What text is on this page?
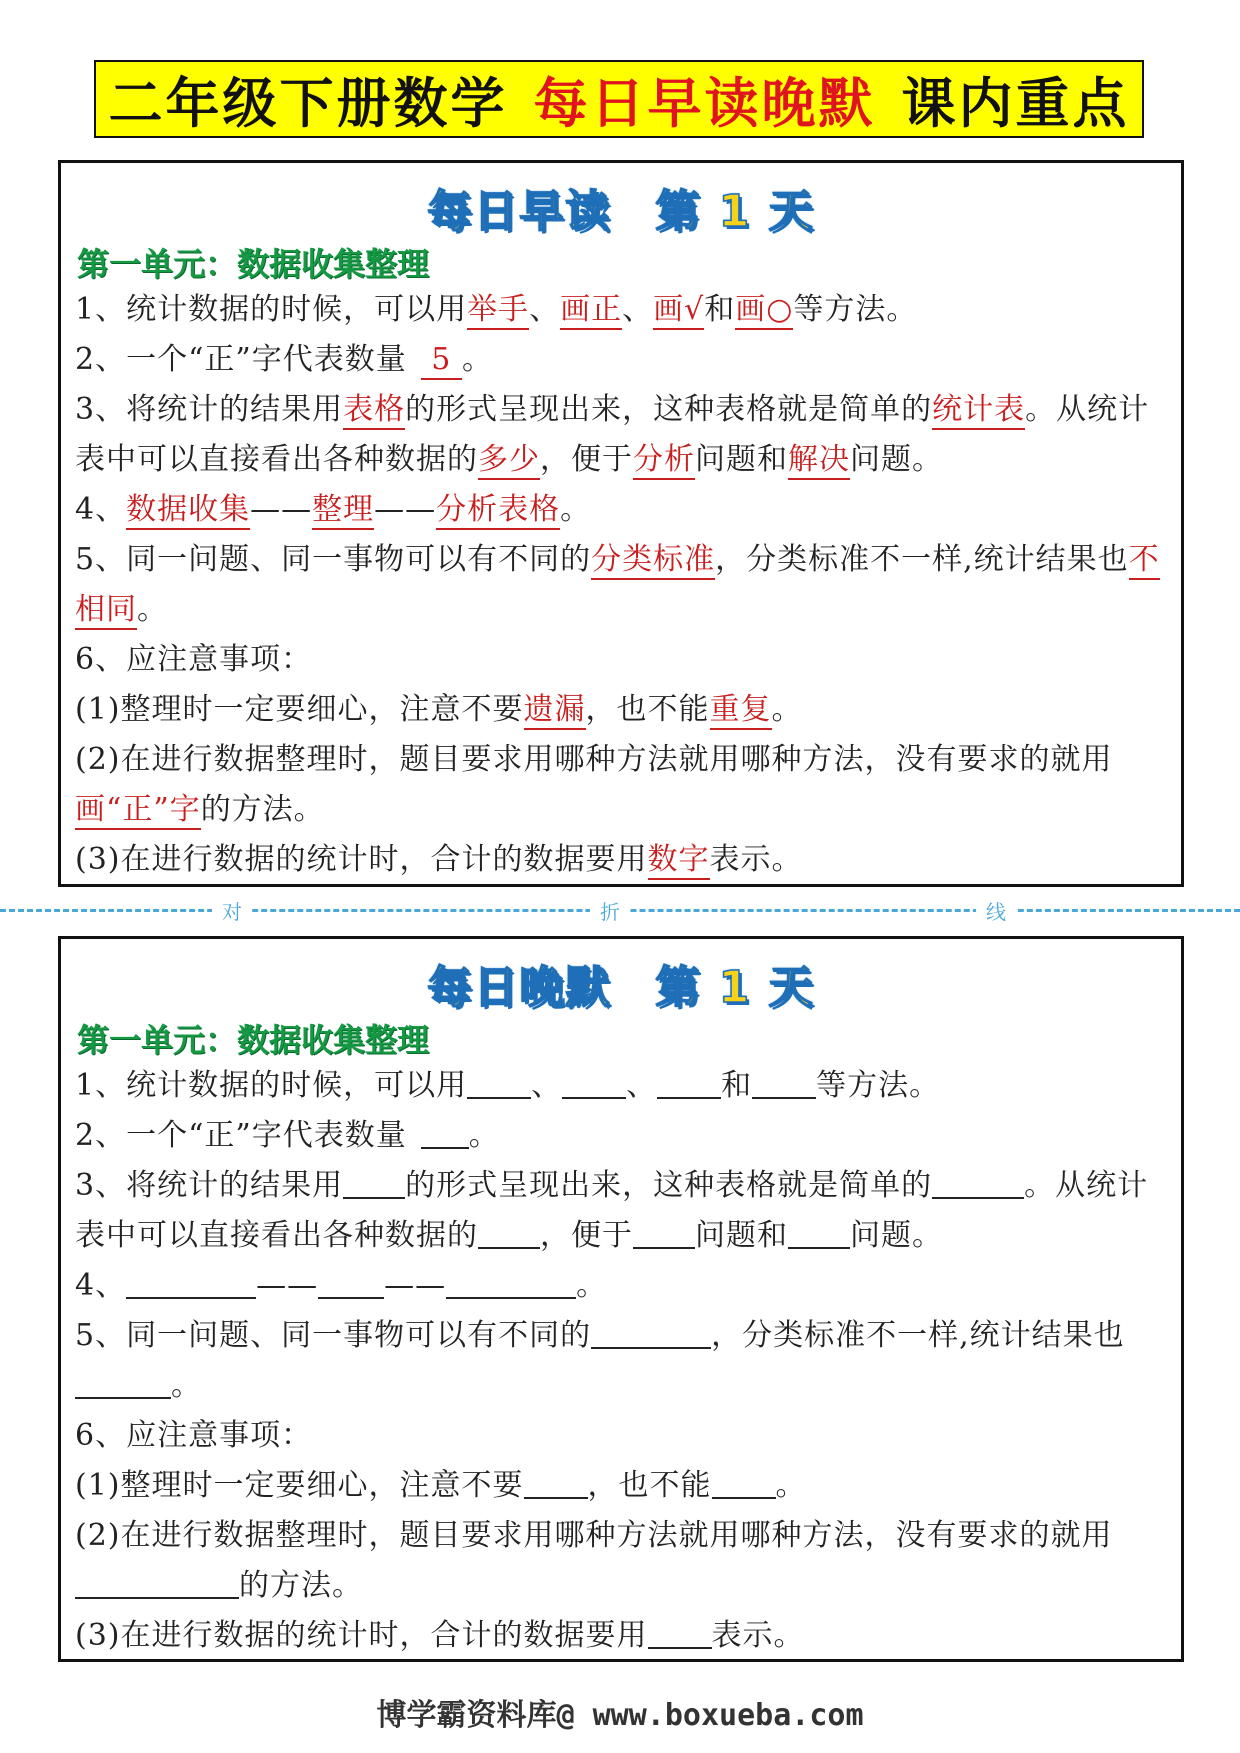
二年级下册数学 每日早读晚默 课内重点
每日早读 第 1 天
第一单元：数据收集整理

1、统计数据的时候，可以用举手、画正、画√和画○等方法。

2、一个“正”字代表数量 5 。

3、将统计的结果用表格的形式呈现出来，这种表格就是简单的统计表。从统计表中可以直接看出各种数据的多少，便于分析问题和解决问题。

4、数据收集——整理——分析表格。

5、同一问题、同一事物可以有不同的分类标准，分类标准不一样,统计结果也不相同。

6、应注意事项：

(1)整理时一定要细心，注意不要遗漏，也不能重复。

(2)在进行数据整理时，题目要求用哪种方法就用哪种方法，没有要求的就用画“正”字的方法。

(3)在进行数据的统计时，合计的数据要用数字表示。

对	折	线
每日晚默 第 1 天
第一单元：数据收集整理

1、统计数据的时候，可以用 、 、 和 等方法。

2、一个“正”字代表数量 。

3、将统计的结果用 的形式呈现出来，这种表格就是简单的	。从统计表中可以直接看出各种数据的 ，便于 问题和 问题。

4、	—— ——	。

5、同一问题、同一事物可以有不同的	，分类标准不一样,统计结果也。

6、应注意事项：

(1)整理时一定要细心，注意不要 ，也不能 。

(2)在进行数据整理时，题目要求用哪种方法就用哪种方法，没有要求的就用的方法。

(3)在进行数据的统计时，合计的数据要用 表示。

博学霸资料库@ www.boxueba.com
